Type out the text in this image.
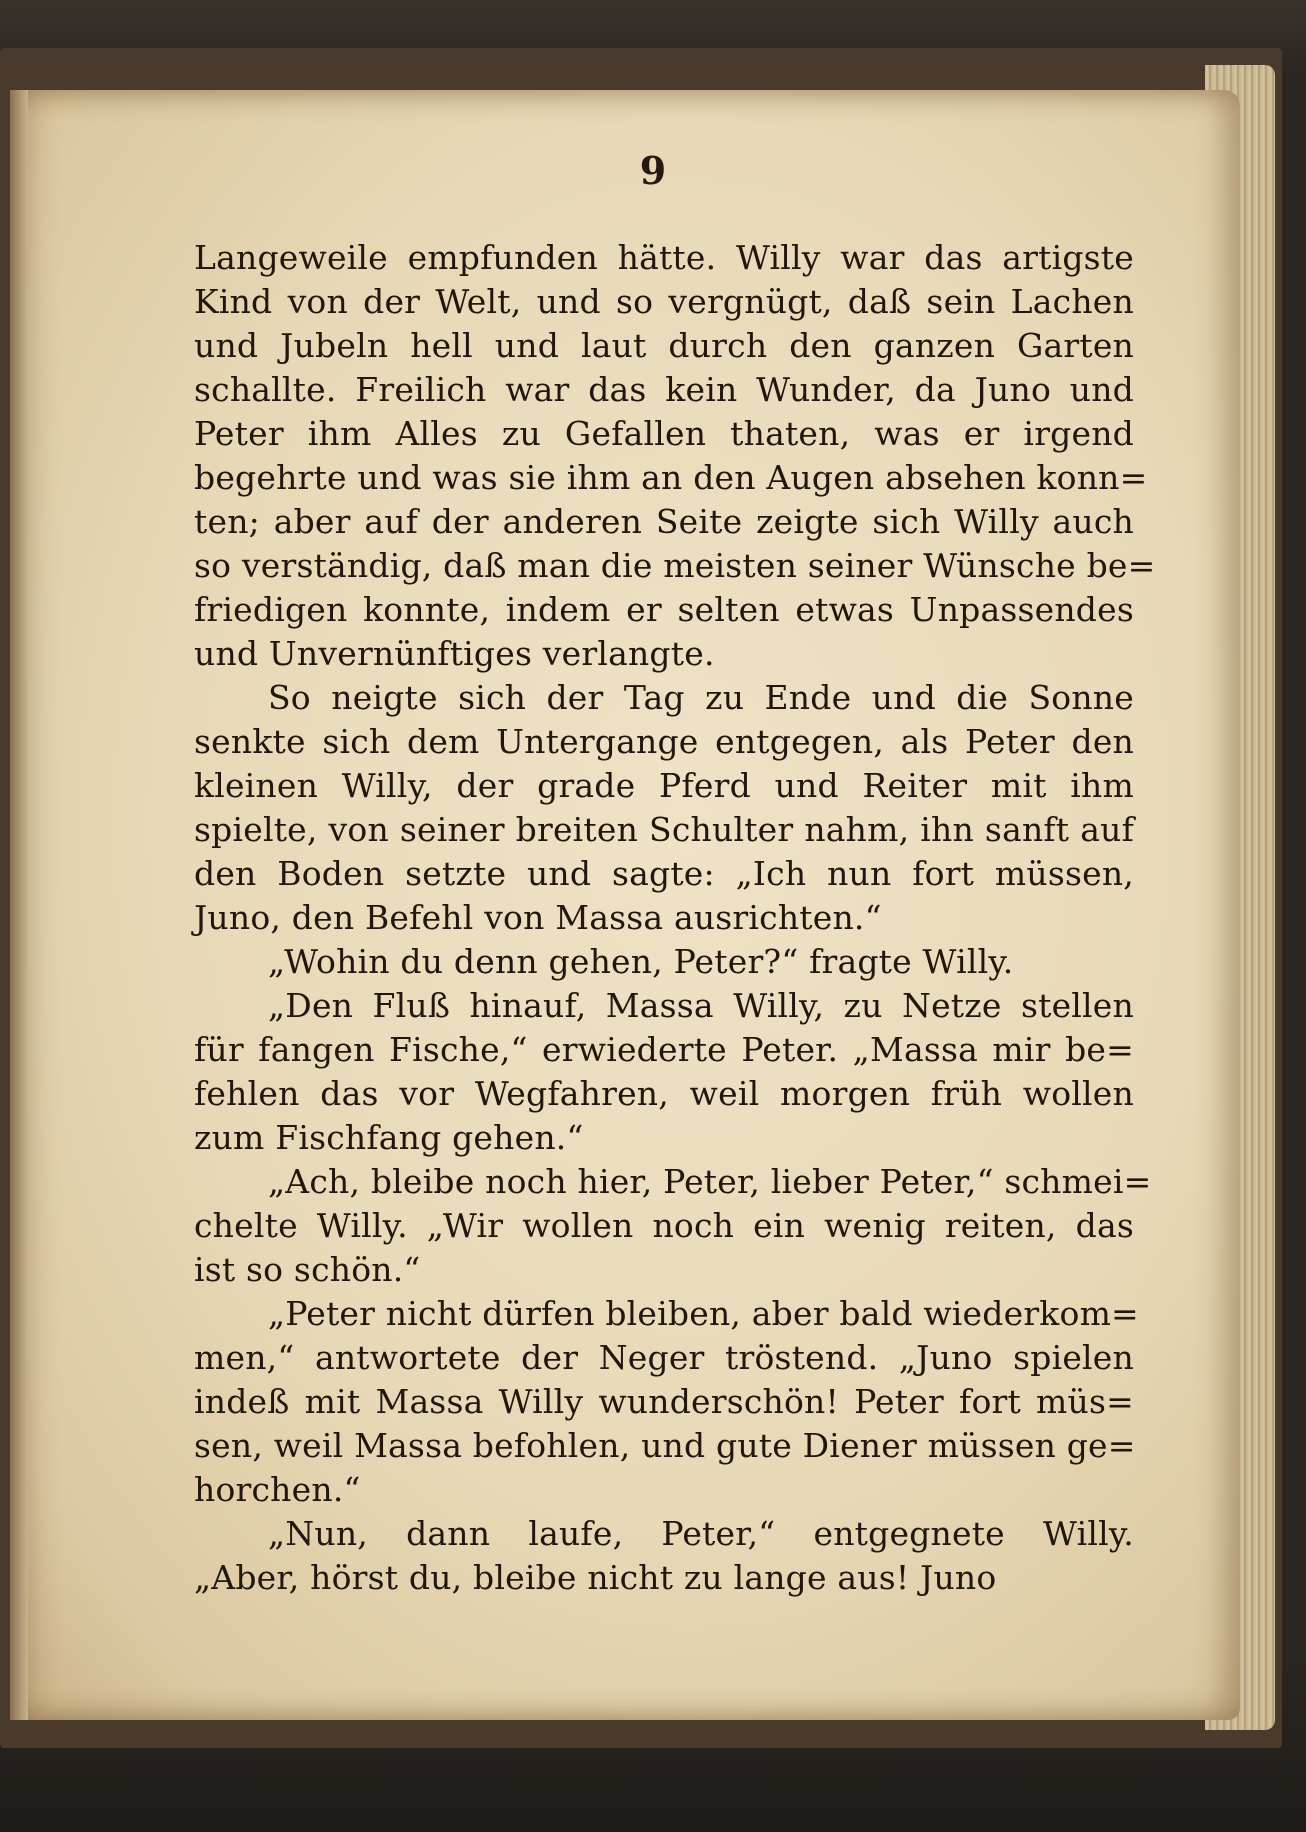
9

Langeweile empfunden hätte. Willy war das artigste
Kind von der Welt, und so vergnügt, daß sein Lachen
und Jubeln hell und laut durch den ganzen Garten
schallte. Freilich war das kein Wunder, da Juno und
Peter ihm Alles zu Gefallen thaten, was er irgend
begehrte und was sie ihm an den Augen absehen konn=
ten; aber auf der anderen Seite zeigte sich Willy auch
so verständig, daß man die meisten seiner Wünsche be=
friedigen konnte, indem er selten etwas Unpassendes
und Unvernünftiges verlangte.
So neigte sich der Tag zu Ende und die Sonne
senkte sich dem Untergange entgegen, als Peter den
kleinen Willy, der grade Pferd und Reiter mit ihm
spielte, von seiner breiten Schulter nahm, ihn sanft auf
den Boden setzte und sagte: „Ich nun fort müssen,
Juno, den Befehl von Massa ausrichten.“
„Wohin du denn gehen, Peter?“ fragte Willy.
„Den Fluß hinauf, Massa Willy, zu Netze stellen
für fangen Fische,“ erwiederte Peter. „Massa mir be=
fehlen das vor Wegfahren, weil morgen früh wollen
zum Fischfang gehen.“
„Ach, bleibe noch hier, Peter, lieber Peter,“ schmei=
chelte Willy. „Wir wollen noch ein wenig reiten, das
ist so schön.“
„Peter nicht dürfen bleiben, aber bald wiederkom=
men,“ antwortete der Neger tröstend. „Juno spielen
indeß mit Massa Willy wunderschön! Peter fort müs=
sen, weil Massa befohlen, und gute Diener müssen ge=
horchen.“
„Nun, dann laufe, Peter,“ entgegnete Willy.
„Aber, hörst du, bleibe nicht zu lange aus! Juno
